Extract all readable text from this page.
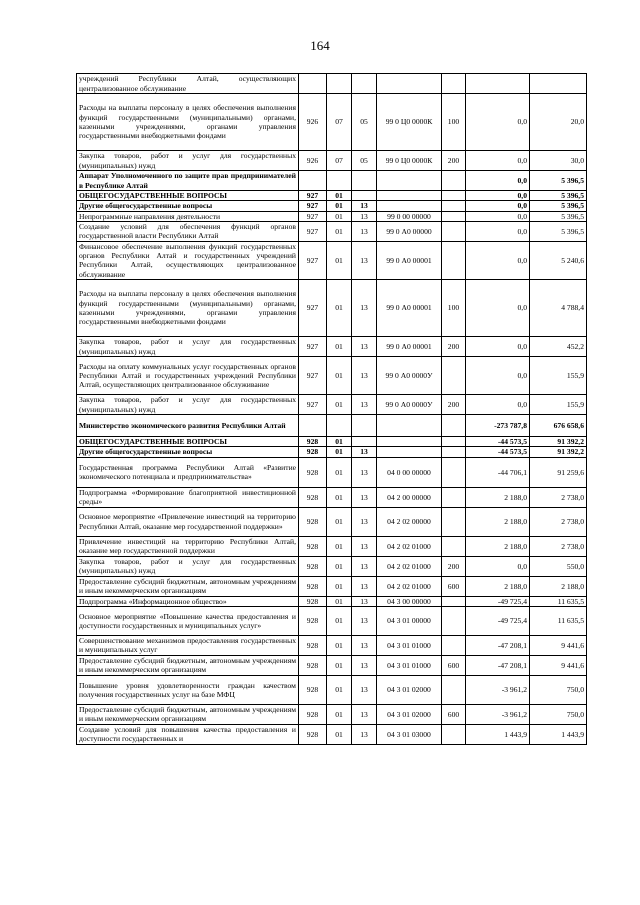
164
учреждений Республики Алтай, осуществляющих централизованное обслуживание							
Расходы на выплаты персоналу в целях обеспечения выполнения функций государственными (муниципальными) органами, казенными учреждениями, органами управления государственными внебюджетными фондами	926	07	05	99 0 Ц0 0000К	100	0,0	20,0
Закупка товаров, работ и услуг для государственных (муниципальных) нужд	926	07	05	99 0 Ц0 0000К	200	0,0	30,0
Аппарат Уполномоченного по защите прав предпринимателей в Республике Алтай						0,0	5 396,5
ОБЩЕГОСУДАРСТВЕННЫЕ ВОПРОСЫ	927	01				0,0	5 396,5
Другие общегосударственные вопросы	927	01	13			0,0	5 396,5
Непрограммные направления деятельности	927	01	13	99 0 00 00000		0,0	5 396,5
Создание условий для обеспечения функций органов государственной власти Республики Алтай	927	01	13	99 0 А0 00000		0,0	5 396,5
Финансовое обеспечение выполнения функций государственных органов Республики Алтай и государственных учреждений Республики Алтай, осуществляющих централизованное обслуживание	927	01	13	99 0 А0 00001		0,0	5 240,6
Расходы на выплаты персоналу в целях обеспечения выполнения функций государственными (муниципальными) органами, казенными учреждениями, органами управления государственными внебюджетными фондами	927	01	13	99 0 А0 00001	100	0,0	4 788,4
Закупка товаров, работ и услуг для государственных (муниципальных) нужд	927	01	13	99 0 А0 00001	200	0,0	452,2
Расходы на оплату коммунальных услуг государственных органов Республики Алтай и государственных учреждений Республики Алтай, осуществляющих централизованное обслуживание	927	01	13	99 0 А0 0000У		0,0	155,9
Закупка товаров, работ и услуг для государственных (муниципальных) нужд	927	01	13	99 0 А0 0000У	200	0,0	155,9
Министерство экономического развития Республики Алтай						-273 787,8	676 658,6
ОБЩЕГОСУДАРСТВЕННЫЕ ВОПРОСЫ	928	01				-44 573,5	91 392,2
Другие общегосударственные вопросы	928	01	13			-44 573,5	91 392,2
Государственная программа Республики Алтай «Развитие экономического потенциала и предпринимательства»	928	01	13	04 0 00 00000		-44 706,1	91 259,6
Подпрограмма «Формирование благоприятной инвестиционной среды»	928	01	13	04 2 00 00000		2 188,0	2 738,0
Основное мероприятие «Привлечение инвестиций на территорию Республики Алтай, оказание мер государственной поддержки»	928	01	13	04 2 02 00000		2 188,0	2 738,0
Привлечение инвестиций на территорию Республики Алтай, оказание мер государственной поддержки	928	01	13	04 2 02 01000		2 188,0	2 738,0
Закупка товаров, работ и услуг для государственных (муниципальных) нужд	928	01	13	04 2 02 01000	200	0,0	550,0
Предоставление субсидий бюджетным, автономным учреждениям и иным некоммерческим организациям	928	01	13	04 2 02 01000	600	2 188,0	2 188,0
Подпрограмма «Информационное общество»	928	01	13	04 3 00 00000		-49 725,4	11 635,5
Основное мероприятие «Повышение качества предоставления и доступности государственных и муниципальных услуг»	928	01	13	04 3 01 00000		-49 725,4	11 635,5
Совершенствование механизмов предоставления государственных и муниципальных услуг	928	01	13	04 3 01 01000		-47 208,1	9 441,6
Предоставление субсидий бюджетным, автономным учреждениям и иным некоммерческим организациям	928	01	13	04 3 01 01000	600	-47 208,1	9 441,6
Повышение уровня удовлетворенности граждан качеством получения государственных услуг на базе МФЦ	928	01	13	04 3 01 02000		-3 961,2	750,0
Предоставление субсидий бюджетным, автономным учреждениям и иным некоммерческим организациям	928	01	13	04 3 01 02000	600	-3 961,2	750,0
Создание условий для повышения качества предоставления и доступности государственных и	928	01	13	04 3 01 03000		1 443,9	1 443,9
